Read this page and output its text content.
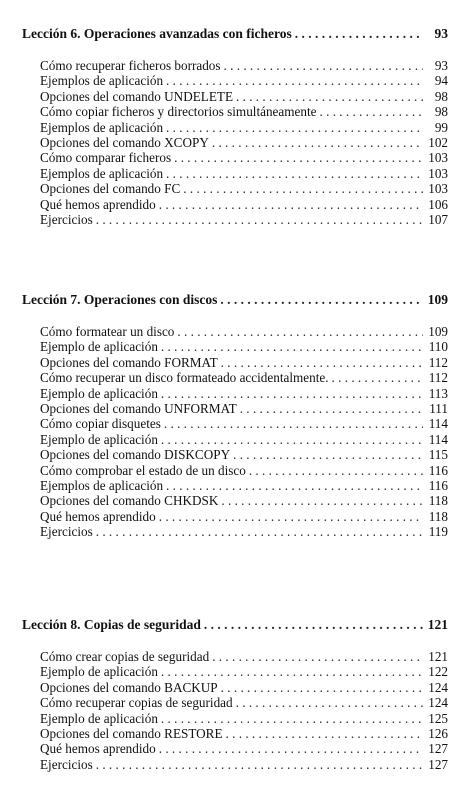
Lección 6. Operaciones avanzadas con ficheros . . .	93
Cómo recuperar ficheros borrados . . .	93
Ejemplos de aplicación . . .	94
Opciones del comando UNDELETE . . .	98
Cómo copiar ficheros y directorios simultáneamente . . .	98
Ejemplos de aplicación . . .	99
Opciones del comando XCOPY . . .	102
Cómo comparar ficheros . . .	103
Ejemplos de aplicación . . .	103
Opciones del comando FC . . .	103
Qué hemos aprendido . . .	106
Ejercicios . . .	107
Lección 7. Operaciones con discos . . .	109
Cómo formatear un disco . . .	109
Ejemplo de aplicación . . .	110
Opciones del comando FORMAT . . .	112
Cómo recuperar un disco formateado accidentalmente. . . .	112
Ejemplo de aplicación . . .	113
Opciones del comando UNFORMAT . . .	111
Cómo copiar disquetes . . .	114
Ejemplo de aplicación . . .	114
Opciones del comando DISKCOPY . . .	115
Cómo comprobar el estado de un disco . . .	116
Ejemplos de aplicación . . .	116
Opciones del comando CHKDSK . . .	118
Qué hemos aprendido . . .	118
Ejercicios . . .	119
Lección 8. Copias de seguridad . . .	121
Cómo crear copias de seguridad . . .	121
Ejemplo de aplicación . . .	122
Opciones del comando BACKUP . . .	124
Cómo recuperar copias de seguridad . . .	124
Ejemplo de aplicación . . .	125
Opciones del comando RESTORE . . .	126
Qué hemos aprendido . . .	127
Ejercicios . . .	127
